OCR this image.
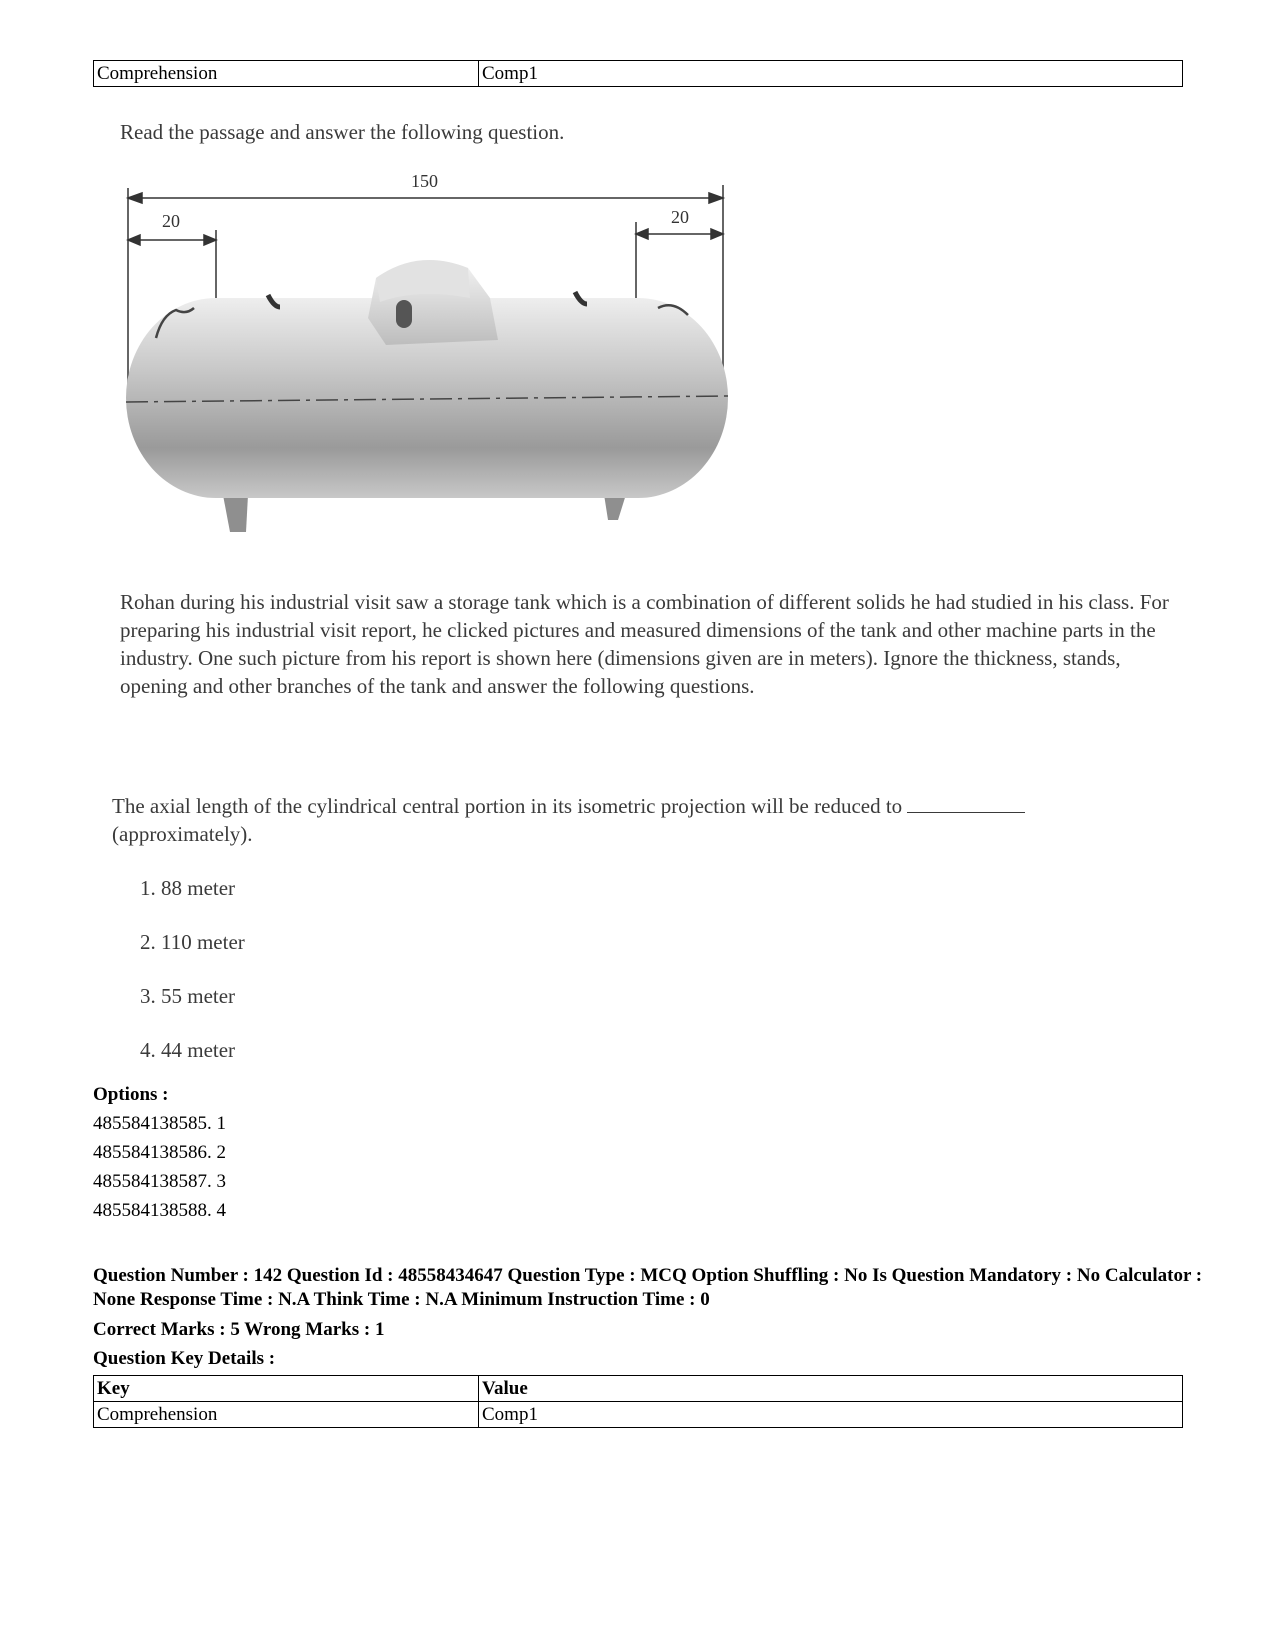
Comprehension	Comp1
Read the passage and answer the following question.
150
20	20
Rohan during his industrial visit saw a storage tank which is a combination of different solids he had studied in his class. For preparing his industrial visit report, he clicked pictures and measured dimensions of the tank and other machine parts in the industry. One such picture from his report is shown here (dimensions given are in meters). Ignore the thickness, stands, opening and other branches of the tank and answer the following questions.
The axial length of the cylindrical central portion in its isometric projection will be reduced to
(approximately).
1. 88 meter
2. 110 meter
3. 55 meter
4. 44 meter
Options :
485584138585. 1
485584138586. 2
485584138587. 3
485584138588. 4
Question Number : 142 Question Id : 48558434647 Question Type : MCQ Option Shuffling : No Is Question Mandatory : No Calculator : None Response Time : N.A Think Time : N.A Minimum Instruction Time : 0
Correct Marks : 5 Wrong Marks : 1
Question Key Details :
Key	Value
Comprehension	Comp1
